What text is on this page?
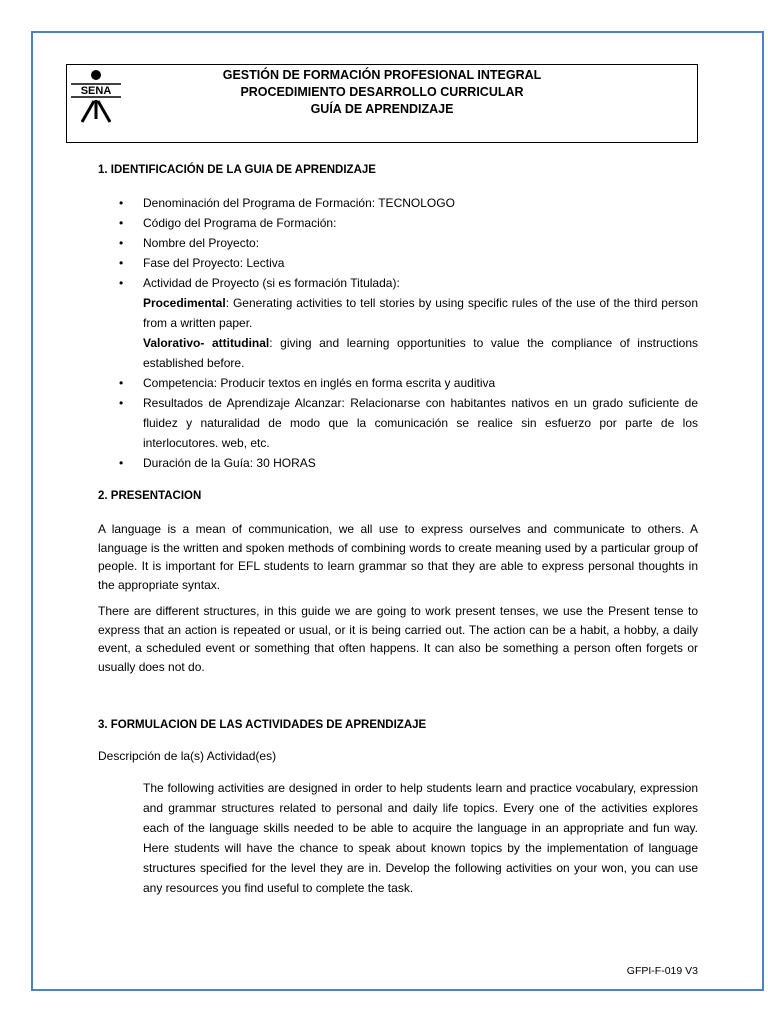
SENA
GESTIÓN DE FORMACIÓN PROFESIONAL INTEGRAL
PROCEDIMIENTO DESARROLLO CURRICULAR
GUÍA DE APRENDIZAJE
1. IDENTIFICACIÓN DE LA GUIA DE APRENDIZAJE
• Denominación del Programa de Formación: TECNOLOGO
• Código del Programa de Formación:
• Nombre del Proyecto:
• Fase del Proyecto: Lectiva
• Actividad de Proyecto (si es formación Titulada):
Procedimental: Generating activities to tell stories by using specific rules of the use of the third person from a written paper.
Valorativo- attitudinal: giving and learning opportunities to value the compliance of instructions established before.
• Competencia: Producir textos en inglés en forma escrita y auditiva
• Resultados de Aprendizaje Alcanzar: Relacionarse con habitantes nativos en un grado suficiente de fluidez y naturalidad de modo que la comunicación se realice sin esfuerzo por parte de los interlocutores. web, etc.
• Duración de la Guía: 30 HORAS
2. PRESENTACION
A language is a mean of communication, we all use to express ourselves and communicate to others. A language is the written and spoken methods of combining words to create meaning used by a particular group of people. It is important for EFL students to learn grammar so that they are able to express personal thoughts in the appropriate syntax.
There are different structures, in this guide we are going to work present tenses, we use the Present tense to express that an action is repeated or usual, or it is being carried out. The action can be a habit, a hobby, a daily event, a scheduled event or something that often happens. It can also be something a person often forgets or usually does not do.
3. FORMULACION DE LAS ACTIVIDADES DE APRENDIZAJE
Descripción de la(s) Actividad(es)
The following activities are designed in order to help students learn and practice vocabulary, expression and grammar structures related to personal and daily life topics. Every one of the activities explores each of the language skills needed to be able to acquire the language in an appropriate and fun way. Here students will have the chance to speak about known topics by the implementation of language structures specified for the level they are in. Develop the following activities on your won, you can use any resources you find useful to complete the task.
GFPI-F-019 V3
